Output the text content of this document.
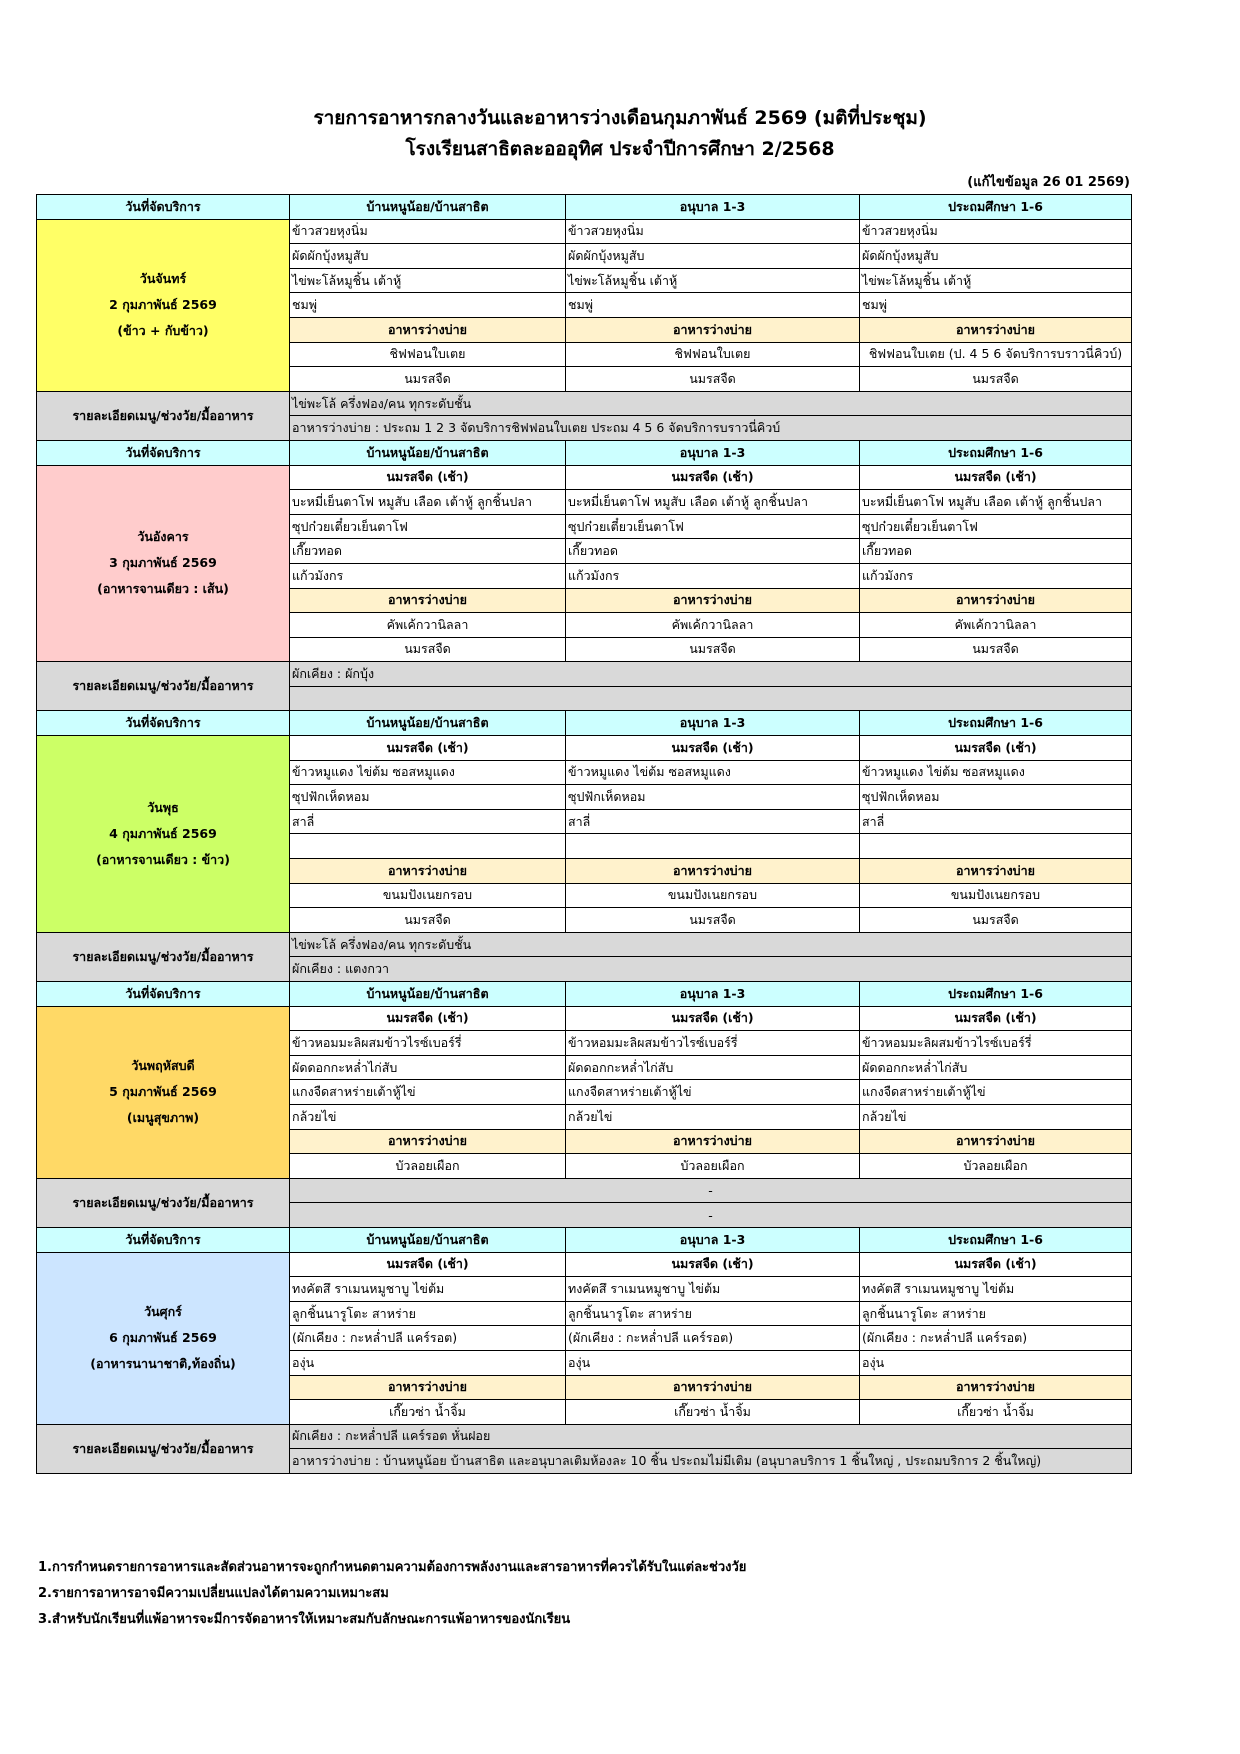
รายการอาหารกลางวันและอาหารว่างเดือนกุมภาพันธ์ 2569 (มติที่ประชุม)
โรงเรียนสาธิตละอออุทิศ ประจำปีการศึกษา 2/2568
(แก้ไขข้อมูล 26 01 2569)
วันที่จัดบริการ	บ้านหนูน้อย/บ้านสาธิต	อนุบาล 1-3	ประถมศึกษา 1-6

วันจันทร์
2 กุมภาพันธ์ 2569
(ข้าว + กับข้าว)	ข้าวสวยหุงนิ่ม	ข้าวสวยหุงนิ่ม	ข้าวสวยหุงนิ่ม
	ผัดผักบุ้งหมูสับ	ผัดผักบุ้งหมูสับ	ผัดผักบุ้งหมูสับ
	ไข่พะโล้หมูชิ้น เต้าหู้	ไข่พะโล้หมูชิ้น เต้าหู้	ไข่พะโล้หมูชิ้น เต้าหู้
	ชมพู่	ชมพู่	ชมพู่
	อาหารว่างบ่าย	อาหารว่างบ่าย	อาหารว่างบ่าย
	ชิฟฟอนใบเตย	ชิฟฟอนใบเตย	ชิฟฟอนใบเตย (ป. 4 5 6 จัดบริการบราวนี่คิวบ์)
	นมรสจืด	นมรสจืด	นมรสจืด
รายละเอียดเมนู/ช่วงวัย/มื้ออาหาร	ไข่พะโล้ ครึ่งฟอง/คน ทุกระดับชั้น		
	อาหารว่างบ่าย : ประถม 1 2 3 จัดบริการชิฟฟอนใบเตย ประถม 4 5 6 จัดบริการบราวนี่คิวบ์		
วันที่จัดบริการ	บ้านหนูน้อย/บ้านสาธิต	อนุบาล 1-3	ประถมศึกษา 1-6

วันอังคาร
3 กุมภาพันธ์ 2569
(อาหารจานเดียว : เส้น)	นมรสจืด (เช้า)	นมรสจืด (เช้า)	นมรสจืด (เช้า)
	บะหมี่เย็นตาโฟ หมูสับ เลือด เต้าหู้ ลูกชิ้นปลา	บะหมี่เย็นตาโฟ หมูสับ เลือด เต้าหู้ ลูกชิ้นปลา	บะหมี่เย็นตาโฟ หมูสับ เลือด เต้าหู้ ลูกชิ้นปลา
	ซุปก๋วยเตี๋ยวเย็นตาโฟ	ซุปก๋วยเตี๋ยวเย็นตาโฟ	ซุปก๋วยเตี๋ยวเย็นตาโฟ
	เกี๊ยวทอด	เกี๊ยวทอด	เกี๊ยวทอด
	แก้วมังกร	แก้วมังกร	แก้วมังกร
	อาหารว่างบ่าย	อาหารว่างบ่าย	อาหารว่างบ่าย
	คัพเค้กวานิลลา	คัพเค้กวานิลลา	คัพเค้กวานิลลา
	นมรสจืด	นมรสจืด	นมรสจืด
รายละเอียดเมนู/ช่วงวัย/มื้ออาหาร	ผักเคียง : ผักบุ้ง		

วันที่จัดบริการ	บ้านหนูน้อย/บ้านสาธิต	อนุบาล 1-3	ประถมศึกษา 1-6

วันพุธ
4 กุมภาพันธ์ 2569
(อาหารจานเดียว : ข้าว)	นมรสจืด (เช้า)	นมรสจืด (เช้า)	นมรสจืด (เช้า)
	ข้าวหมูแดง ไข่ต้ม ซอสหมูแดง	ข้าวหมูแดง ไข่ต้ม ซอสหมูแดง	ข้าวหมูแดง ไข่ต้ม ซอสหมูแดง
	ซุปฟักเห็ดหอม	ซุปฟักเห็ดหอม	ซุปฟักเห็ดหอม
	สาลี่	สาลี่	สาลี่

	อาหารว่างบ่าย	อาหารว่างบ่าย	อาหารว่างบ่าย
	ขนมปังเนยกรอบ	ขนมปังเนยกรอบ	ขนมปังเนยกรอบ
	นมรสจืด	นมรสจืด	นมรสจืด
รายละเอียดเมนู/ช่วงวัย/มื้ออาหาร	ไข่พะโล้ ครึ่งฟอง/คน ทุกระดับชั้น		
	ผักเคียง : แตงกวา		
วันที่จัดบริการ	บ้านหนูน้อย/บ้านสาธิต	อนุบาล 1-3	ประถมศึกษา 1-6

วันพฤหัสบดี
5 กุมภาพันธ์ 2569
(เมนูสุขภาพ)	นมรสจืด (เช้า)	นมรสจืด (เช้า)	นมรสจืด (เช้า)
	ข้าวหอมมะลิผสมข้าวไรซ์เบอร์รี่	ข้าวหอมมะลิผสมข้าวไรซ์เบอร์รี่	ข้าวหอมมะลิผสมข้าวไรซ์เบอร์รี่
	ผัดดอกกะหล่ำไก่สับ	ผัดดอกกะหล่ำไก่สับ	ผัดดอกกะหล่ำไก่สับ
	แกงจืดสาหร่ายเต้าหู้ไข่	แกงจืดสาหร่ายเต้าหู้ไข่	แกงจืดสาหร่ายเต้าหู้ไข่
	กล้วยไข่	กล้วยไข่	กล้วยไข่
	อาหารว่างบ่าย	อาหารว่างบ่าย	อาหารว่างบ่าย
	บัวลอยเผือก	บัวลอยเผือก	บัวลอยเผือก
รายละเอียดเมนู/ช่วงวัย/มื้ออาหาร	-		
	-		
วันที่จัดบริการ	บ้านหนูน้อย/บ้านสาธิต	อนุบาล 1-3	ประถมศึกษา 1-6

วันศุกร์
6 กุมภาพันธ์ 2569
(อาหารนานาชาติ,ท้องถิ่น)	นมรสจืด (เช้า)	นมรสจืด (เช้า)	นมรสจืด (เช้า)
	ทงคัตสึ ราเมนหมูชาบู ไข่ต้ม	ทงคัตสึ ราเมนหมูชาบู ไข่ต้ม	ทงคัตสึ ราเมนหมูชาบู ไข่ต้ม
	ลูกชิ้นนารูโตะ สาหร่าย	ลูกชิ้นนารูโตะ สาหร่าย	ลูกชิ้นนารูโตะ สาหร่าย
	(ผักเคียง : กะหล่ำปลี แคร์รอต)	(ผักเคียง : กะหล่ำปลี แคร์รอต)	(ผักเคียง : กะหล่ำปลี แคร์รอต)
	องุ่น	องุ่น	องุ่น
	อาหารว่างบ่าย	อาหารว่างบ่าย	อาหารว่างบ่าย
	เกี๊ยวซ่า น้ำจิ้ม	เกี๊ยวซ่า น้ำจิ้ม	เกี๊ยวซ่า น้ำจิ้ม
รายละเอียดเมนู/ช่วงวัย/มื้ออาหาร	ผักเคียง : กะหล่ำปลี แคร์รอต หั่นฝอย		
	อาหารว่างบ่าย : บ้านหนูน้อย บ้านสาธิต และอนุบาลเติมห้องละ 10 ชิ้น ประถมไม่มีเติม (อนุบาลบริการ 1 ชิ้นใหญ่ , ประถมบริการ 2 ชิ้นใหญ่)		
1.การกำหนดรายการอาหารและสัดส่วนอาหารจะถูกกำหนดตามความต้องการพลังงานและสารอาหารที่ควรได้รับในแต่ละช่วงวัย
2.รายการอาหารอาจมีความเปลี่ยนแปลงได้ตามความเหมาะสม
3.สำหรับนักเรียนที่แพ้อาหารจะมีการจัดอาหารให้เหมาะสมกับลักษณะการแพ้อาหารของนักเรียน
